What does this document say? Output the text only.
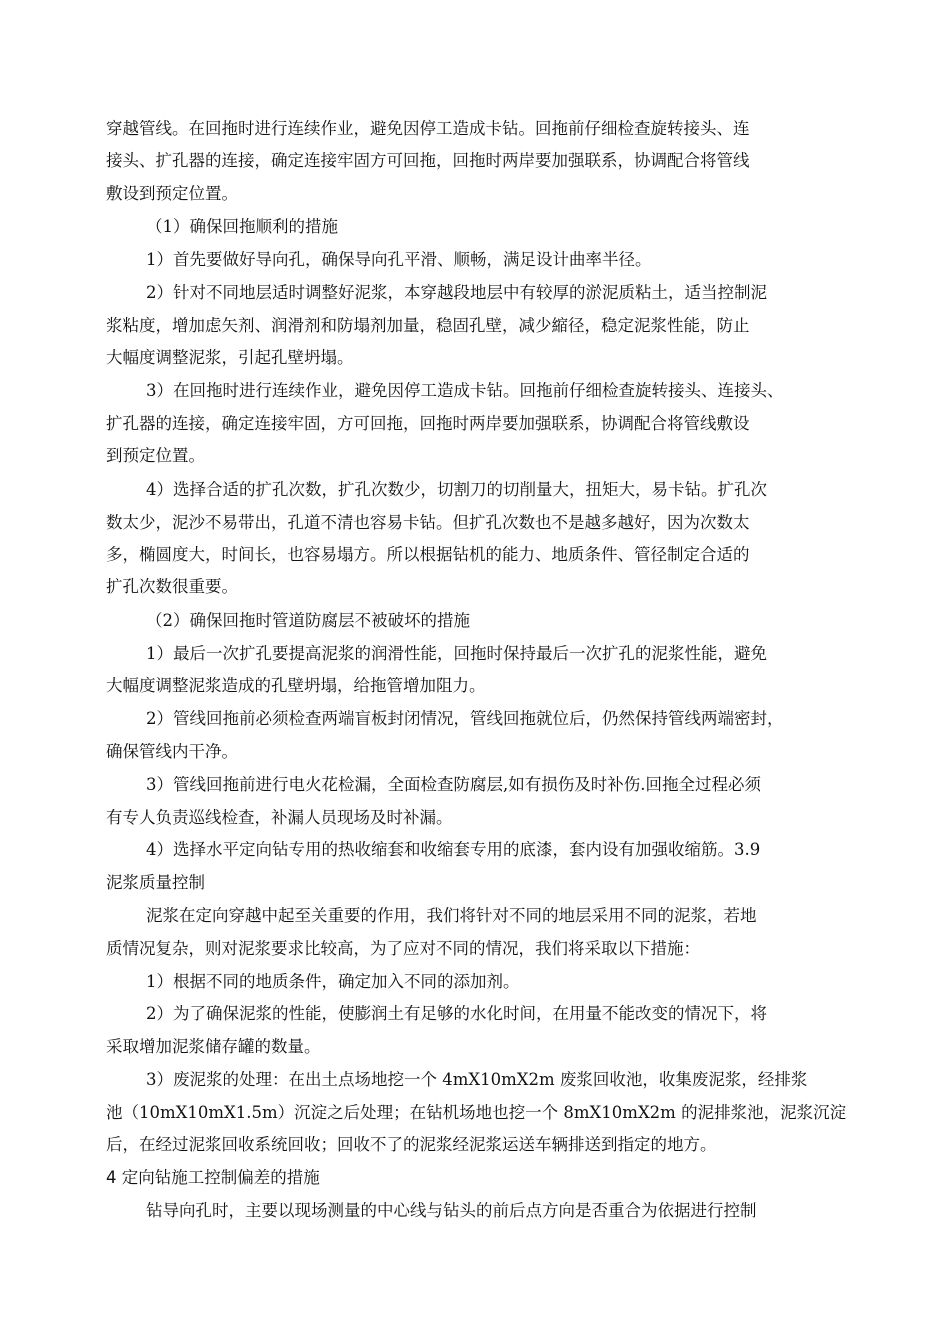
穿越管线。在回拖时进行连续作业，避免因停工造成卡钻。回拖前仔细检查旋转接头、连
接头、扩孔器的连接，确定连接牢固方可回拖，回拖时两岸要加强联系，协调配合将管线
敷设到预定位置。
（1）确保回拖顺利的措施
1）首先要做好导向孔，确保导向孔平滑、顺畅，满足设计曲率半径。
2）针对不同地层适时调整好泥浆，本穿越段地层中有较厚的淤泥质粘土，适当控制泥
浆粘度，增加虑矢剂、润滑剂和防塌剂加量，稳固孔壁，减少縮径，稳定泥浆性能，防止
大幅度调整泥浆，引起孔壁坍塌。
3）在回拖时进行连续作业，避免因停工造成卡钻。回拖前仔细检查旋转接头、连接头、
扩孔器的连接，确定连接牢固，方可回拖，回拖时两岸要加强联系，协调配合将管线敷设
到预定位置。
4）选择合适的扩孔次数，扩孔次数少，切割刀的切削量大，扭矩大，易卡钻。扩孔次
数太少，泥沙不易带出，孔道不清也容易卡钻。但扩孔次数也不是越多越好，因为次数太
多，椭圆度大，时间长，也容易塌方。所以根据钻机的能力、地质条件、管径制定合适的
扩孔次数很重要。
（2）确保回拖时管道防腐层不被破坏的措施
1）最后一次扩孔要提高泥浆的润滑性能，回拖时保持最后一次扩孔的泥浆性能，避免
大幅度调整泥浆造成的孔壁坍塌，给拖管增加阻力。
2）管线回拖前必须检查两端盲板封闭情况，管线回拖就位后，仍然保持管线两端密封，
确保管线内干净。
3）管线回拖前进行电火花检漏，全面检查防腐层,如有损伤及时补伤.回拖全过程必须
有专人负责巡线检查，补漏人员现场及时补漏。
4）选择水平定向钻专用的热收缩套和收缩套专用的底漆，套内设有加强收缩筋。3.9
泥浆质量控制
泥浆在定向穿越中起至关重要的作用，我们将针对不同的地层采用不同的泥浆，若地
质情况复杂，则对泥浆要求比较高，为了应对不同的情况，我们将采取以下措施：
1）根据不同的地质条件，确定加入不同的添加剂。
2）为了确保泥浆的性能，使膨润土有足够的水化时间，在用量不能改变的情况下，将
采取增加泥浆储存罐的数量。
3）废泥浆的处理：在出土点场地挖一个 4mX10mX2m 废浆回收池，收集废泥浆，经排浆
池（10mX10mX1.5m）沉淀之后处理；在钻机场地也挖一个 8mX10mX2m 的泥排浆池，泥浆沉淀
后，在经过泥浆回收系统回收；回收不了的泥浆经泥浆运送车辆排送到指定的地方。
4 定向钻施工控制偏差的措施
钻导向孔时，主要以现场测量的中心线与钻头的前后点方向是否重合为依据进行控制
